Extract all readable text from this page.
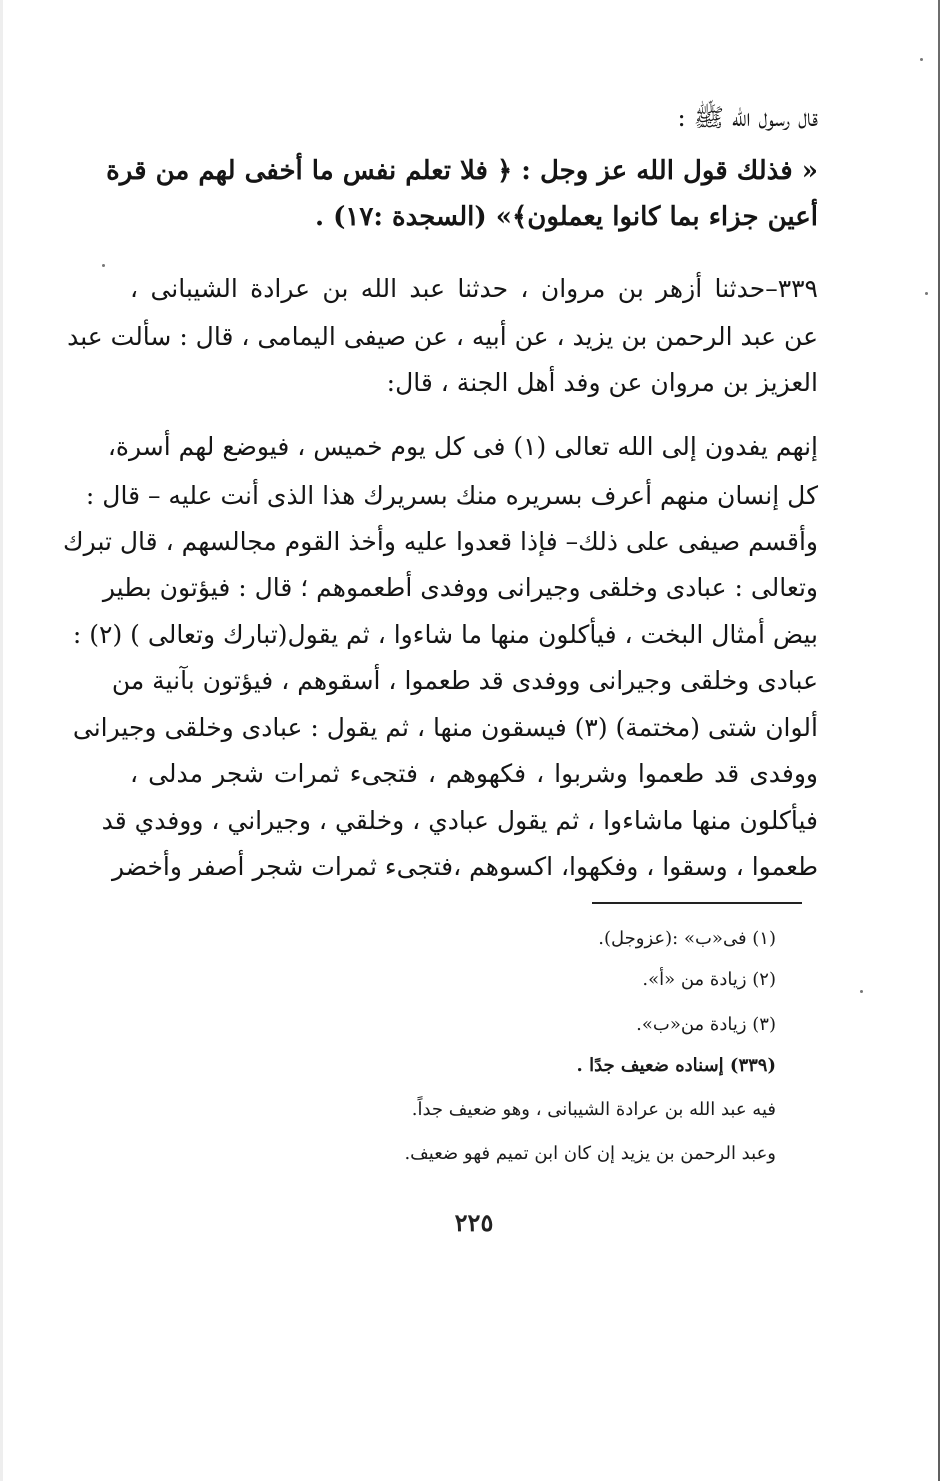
قال رسول الله ﷺ :
« فذلك قول الله عز وجل : ﴿ فلا تعلم نفس ما أخفى لهم من قرة
أعين جزاء بما كانوا يعملون﴾» (السجدة :١٧) .
٣٣٩–حدثنا أزهر بن مروان ، حدثنا عبد الله بن عرادة الشيبانى ،
عن عبد الرحمن بن يزيد ، عن أبيه ، عن صيفى اليمامى ، قال : سألت عبد
العزيز بن مروان عن وفد أهل الجنة ، قال:
إنهم يفدون إلى الله تعالى (١) فى كل يوم خميس ، فيوضع لهم أسرة،
كل إنسان منهم أعرف بسريره منك بسريرك هذا الذى أنت عليه – قال :
وأقسم صيفى على ذلك– فإذا قعدوا عليه وأخذ القوم مجالسهم ، قال تبرك
وتعالى : عبادى وخلقى وجيرانى ووفدى أطعموهم ؛ قال : فيؤتون بطير
بيض أمثال البخت ، فيأكلون منها ما شاءوا ، ثم يقول(تبارك وتعالى ) (٢) :
عبادى وخلقى وجيرانى ووفدى قد طعموا ، أسقوهم ، فيؤتون بآنية من
ألوان شتى (مختمة) (٣) فيسقون منها ، ثم يقول : عبادى وخلقى وجيرانى
ووفدى قد طعموا وشربوا ، فكهوهم ، فتجىء ثمرات شجر مدلى ،
فيأكلون منها ماشاءوا ، ثم يقول عبادي ، وخلقي ، وجيراني ، ووفدي قد
طعموا ، وسقوا ، وفكهوا، اكسوهم ،فتجىء ثمرات شجر أصفر وأخضر
(١) فى«ب» :(عزوجل).
(٢) زيادة من «أ».
(٣) زيادة من«ب».
(٣٣٩) إسناده ضعيف جدًا .
فيه عبد الله بن عرادة الشيبانى ، وهو ضعيف جداً.
وعبد الرحمن بن يزيد إن كان ابن تميم فهو ضعيف.
٢٢٥
